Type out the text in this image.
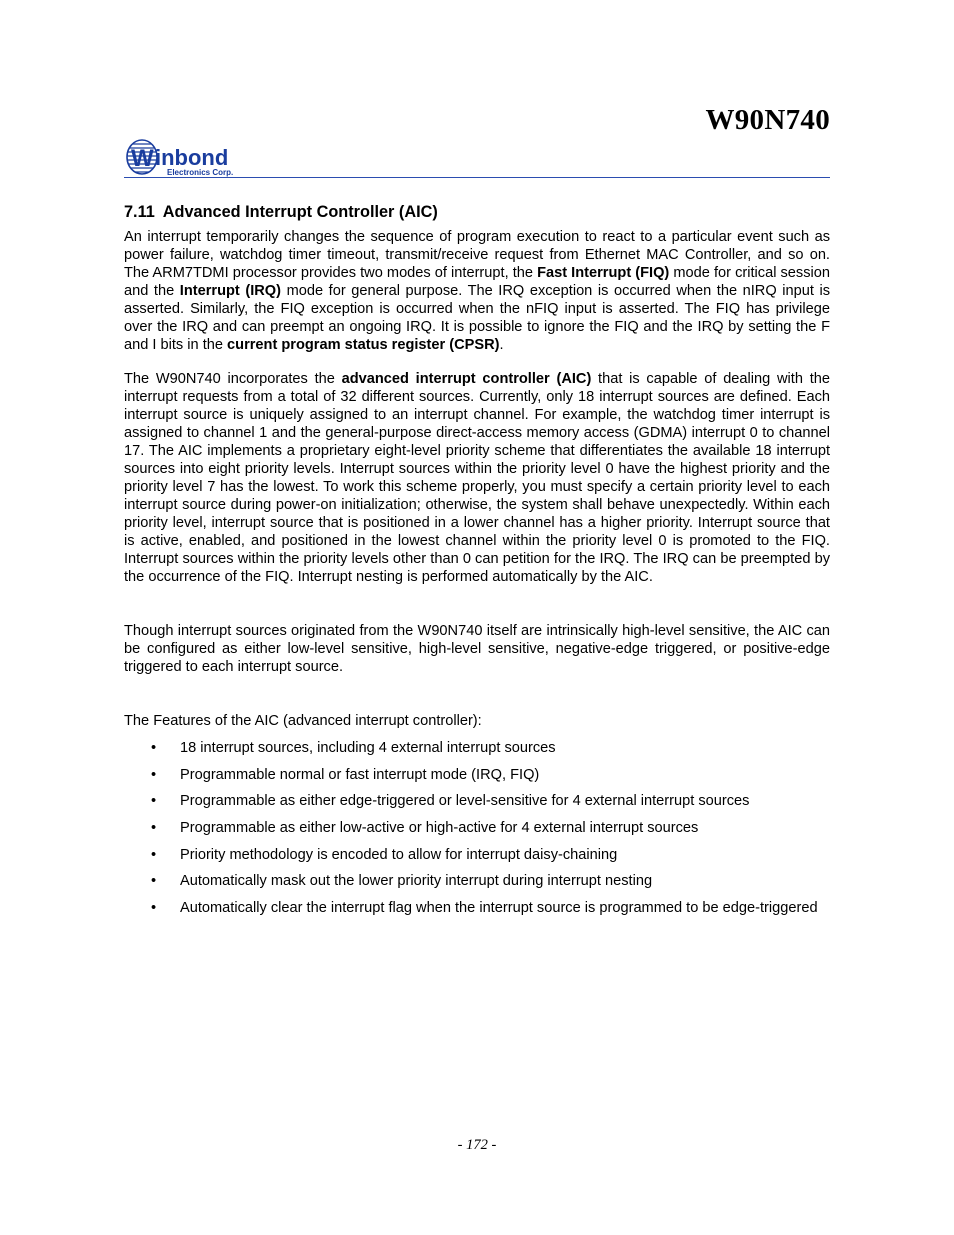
W90N740
W inbond
Electronics Corp.
7.11 Advanced Interrupt Controller (AIC)

An interrupt temporarily changes the sequence of program execution to react to a particular event such as power failure, watchdog timer timeout, transmit/receive request from Ethernet MAC Controller, and so on. The ARM7TDMI processor provides two modes of interrupt, the Fast Interrupt (FIQ) mode for critical session and the Interrupt (IRQ) mode for general purpose. The IRQ exception is occurred when the nIRQ input is asserted. Similarly, the FIQ exception is occurred when the nFIQ input is asserted. The FIQ has privilege over the IRQ and can preempt an ongoing IRQ. It is possible to ignore the FIQ and the IRQ by setting the F and I bits in the current program status register (CPSR).

The W90N740 incorporates the advanced interrupt controller (AIC) that is capable of dealing with the interrupt requests from a total of 32 different sources. Currently, only 18 interrupt sources are defined. Each interrupt source is uniquely assigned to an interrupt channel. For example, the watchdog timer interrupt is assigned to channel 1 and the general-purpose direct-access memory access (GDMA) interrupt 0 to channel 17. The AIC implements a proprietary eight-level priority scheme that differentiates the available 18 interrupt sources into eight priority levels. Interrupt sources within the priority level 0 have the highest priority and the priority level 7 has the lowest. To work this scheme properly, you must specify a certain priority level to each interrupt source during power-on initialization; otherwise, the system shall behave unexpectedly. Within each priority level, interrupt source that is positioned in a lower channel has a higher priority. Interrupt source that is active, enabled, and positioned in the lowest channel within the priority level 0 is promoted to the FIQ. Interrupt sources within the priority levels other than 0 can petition for the IRQ. The IRQ can be preempted by the occurrence of the FIQ. Interrupt nesting is performed automatically by the AIC.

Though interrupt sources originated from the W90N740 itself are intrinsically high-level sensitive, the AIC can be configured as either low-level sensitive, high-level sensitive, negative-edge triggered, or positive-edge triggered to each interrupt source.

The Features of the AIC (advanced interrupt controller):

• 18 interrupt sources, including 4 external interrupt sources
• Programmable normal or fast interrupt mode (IRQ, FIQ)
• Programmable as either edge-triggered or level-sensitive for 4 external interrupt sources
• Programmable as either low-active or high-active for 4 external interrupt sources
• Priority methodology is encoded to allow for interrupt daisy-chaining
• Automatically mask out the lower priority interrupt during interrupt nesting
• Automatically clear the interrupt flag when the interrupt source is programmed to be edge-triggered
- 172 -
